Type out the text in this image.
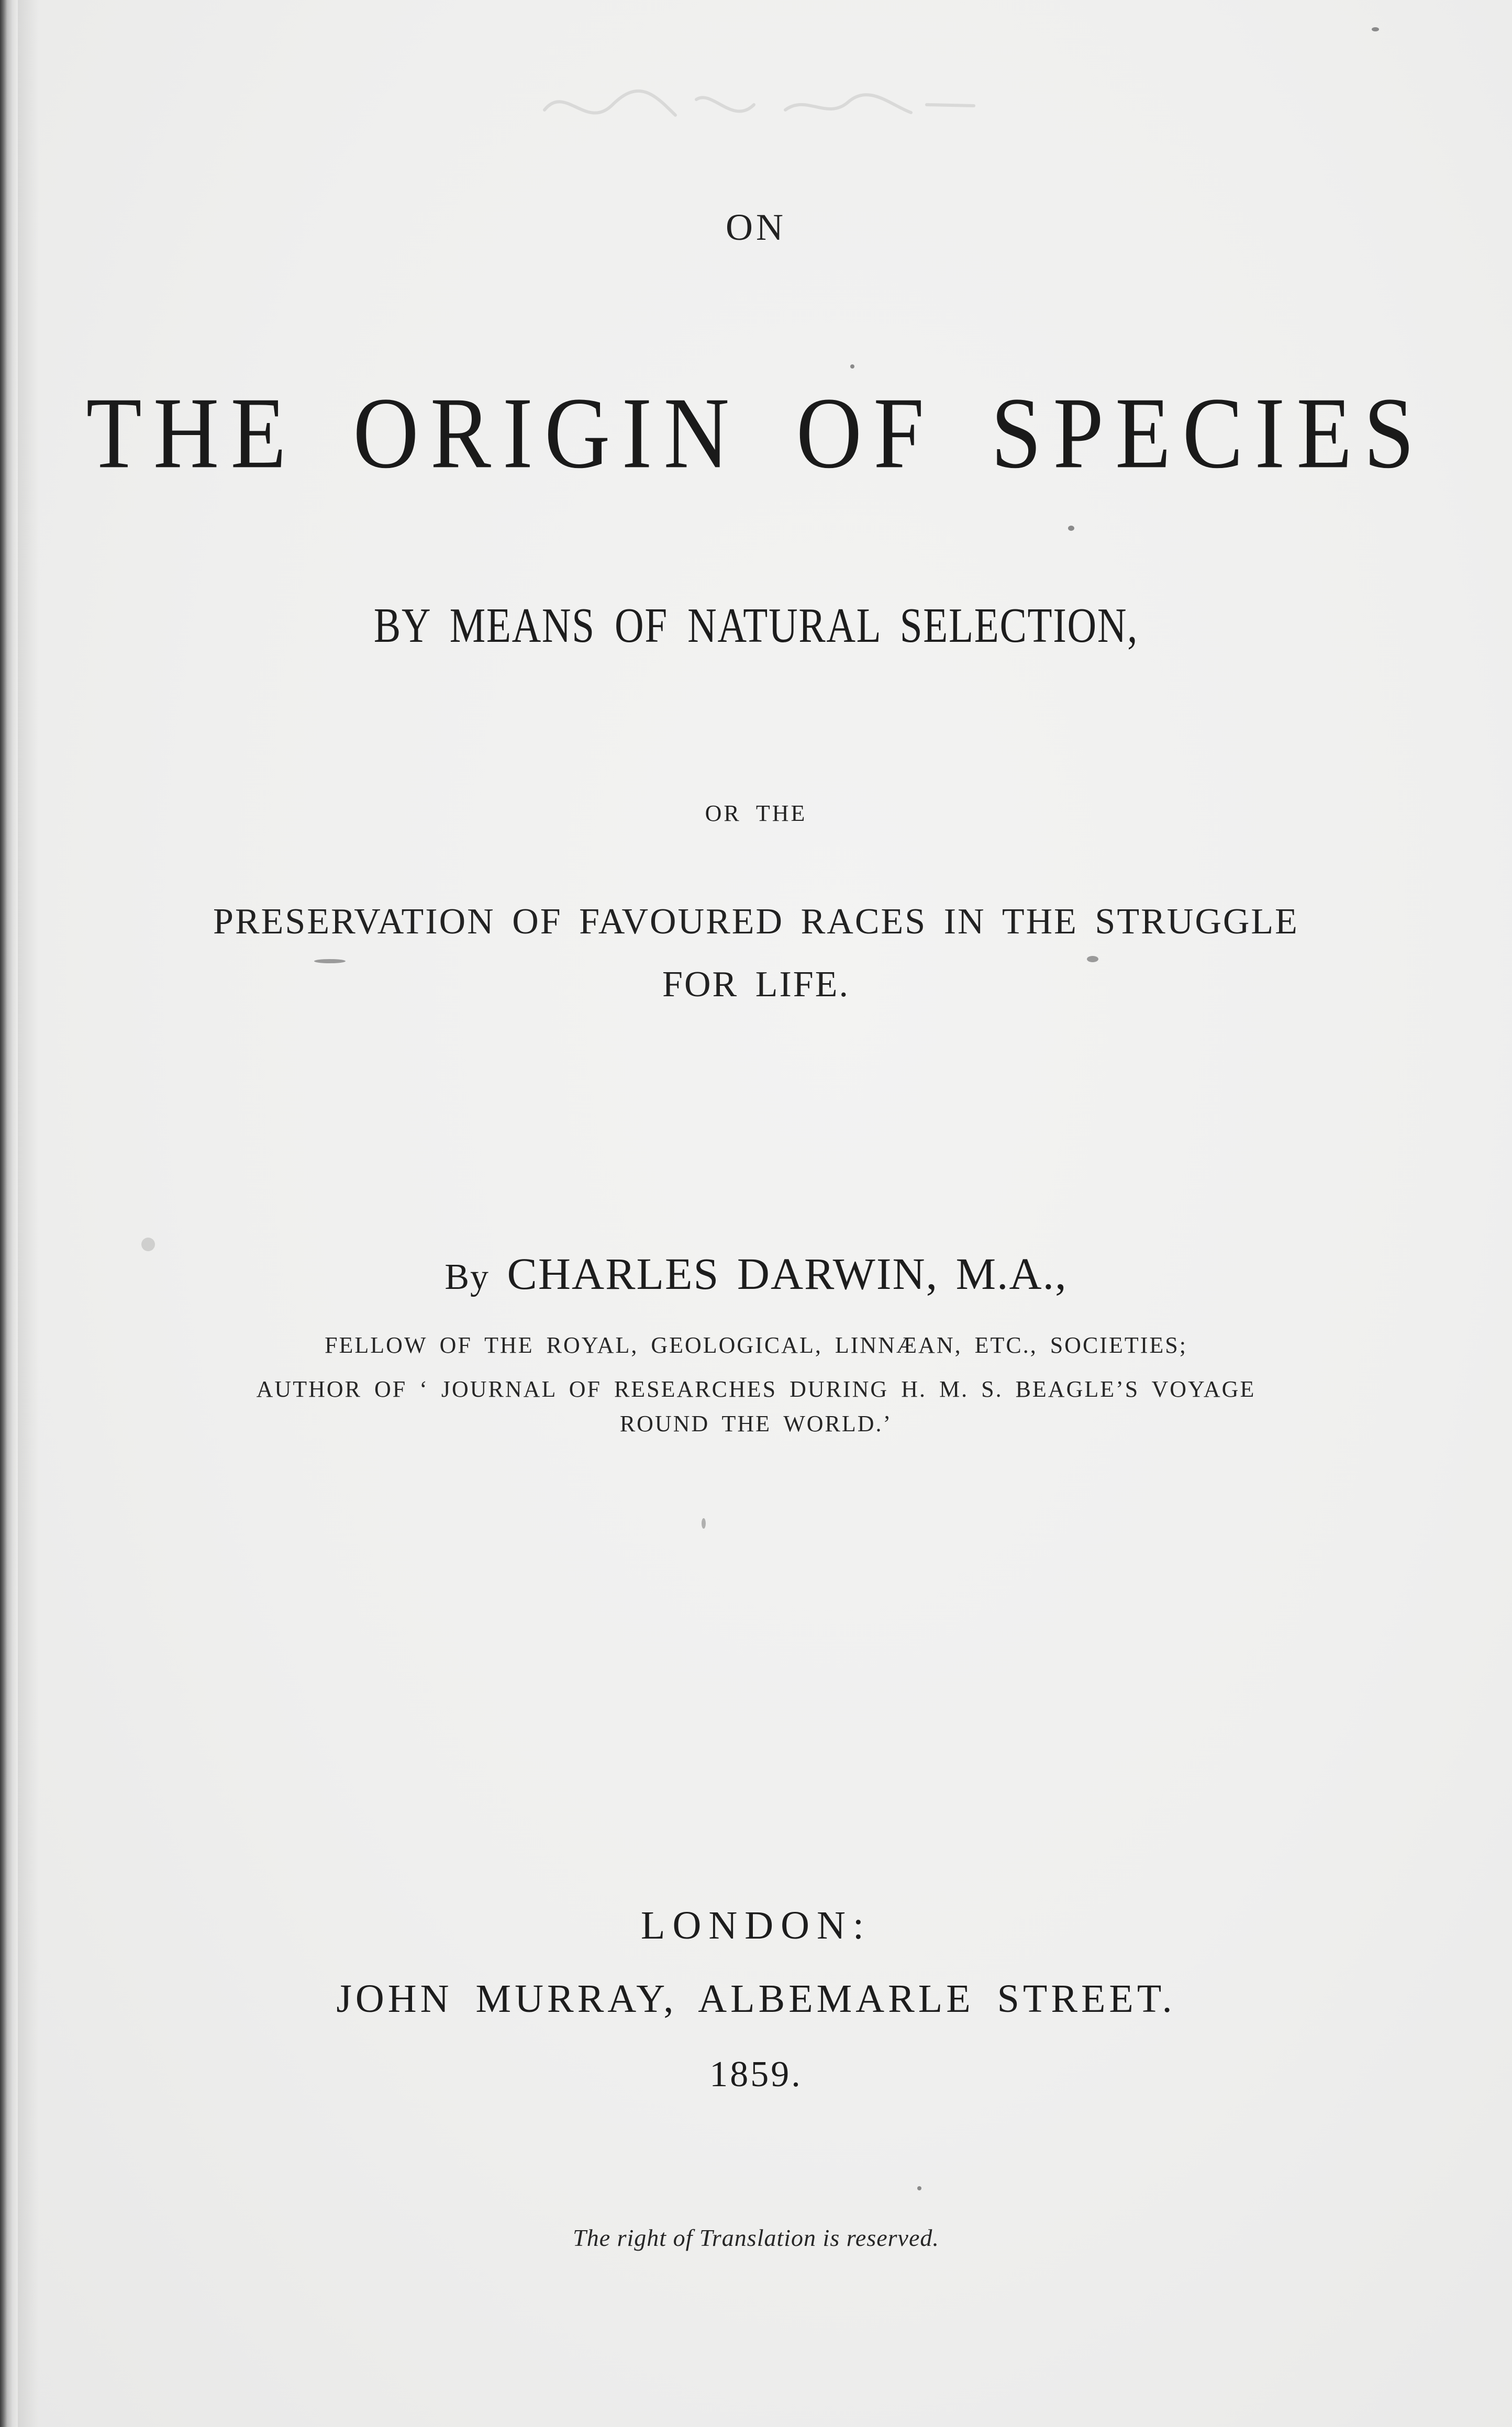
ON

THE ORIGIN OF SPECIES

BY MEANS OF NATURAL SELECTION,

OR THE

PRESERVATION OF FAVOURED RACES IN THE STRUGGLE

FOR LIFE.

By CHARLES DARWIN, M.A.,

FELLOW OF THE ROYAL, GEOLOGICAL, LINNÆAN, ETC., SOCIETIES;

AUTHOR OF ‘ JOURNAL OF RESEARCHES DURING H. M. S. BEAGLE’S VOYAGE

ROUND THE WORLD.’

LONDON:

JOHN MURRAY, ALBEMARLE STREET.

1859.

The right of Translation is reserved.
